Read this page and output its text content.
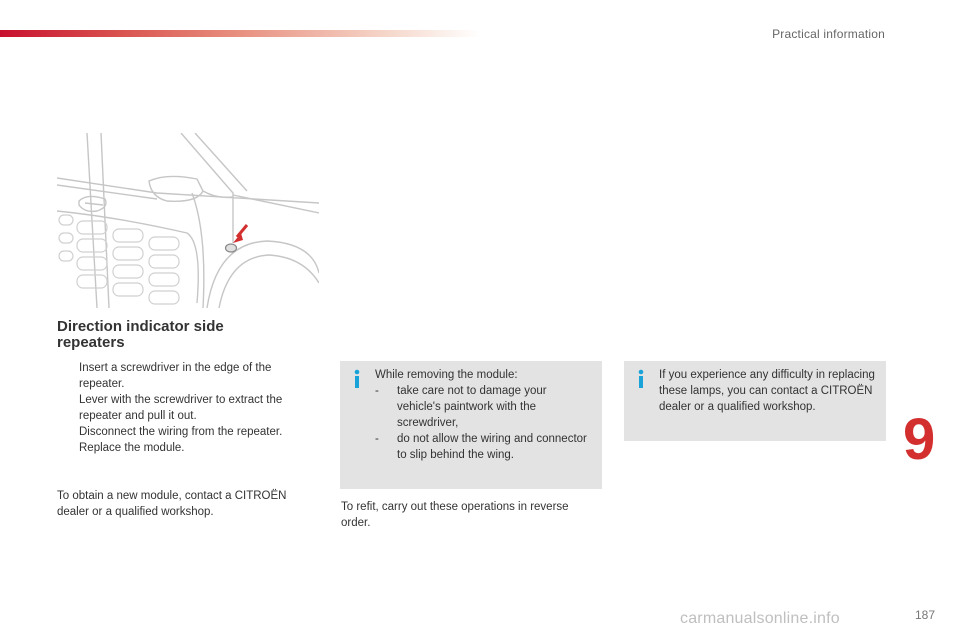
Practical information
Direction indicator side repeaters
Insert a screwdriver in the edge of the repeater.
Lever with the screwdriver to extract the repeater and pull it out.
Disconnect the wiring from the repeater.
Replace the module.

To obtain a new module, contact a CITROËN dealer or a qualified workshop.

While removing the module:
- take care not to damage your vehicle's paintwork with the screwdriver,
- do not allow the wiring and connector to slip behind the wing.

To refit, carry out these operations in reverse order.

If you experience any difficulty in replacing these lamps, you can contact a CITROËN dealer or a qualified workshop.	9
carmanualsonline.info	187
